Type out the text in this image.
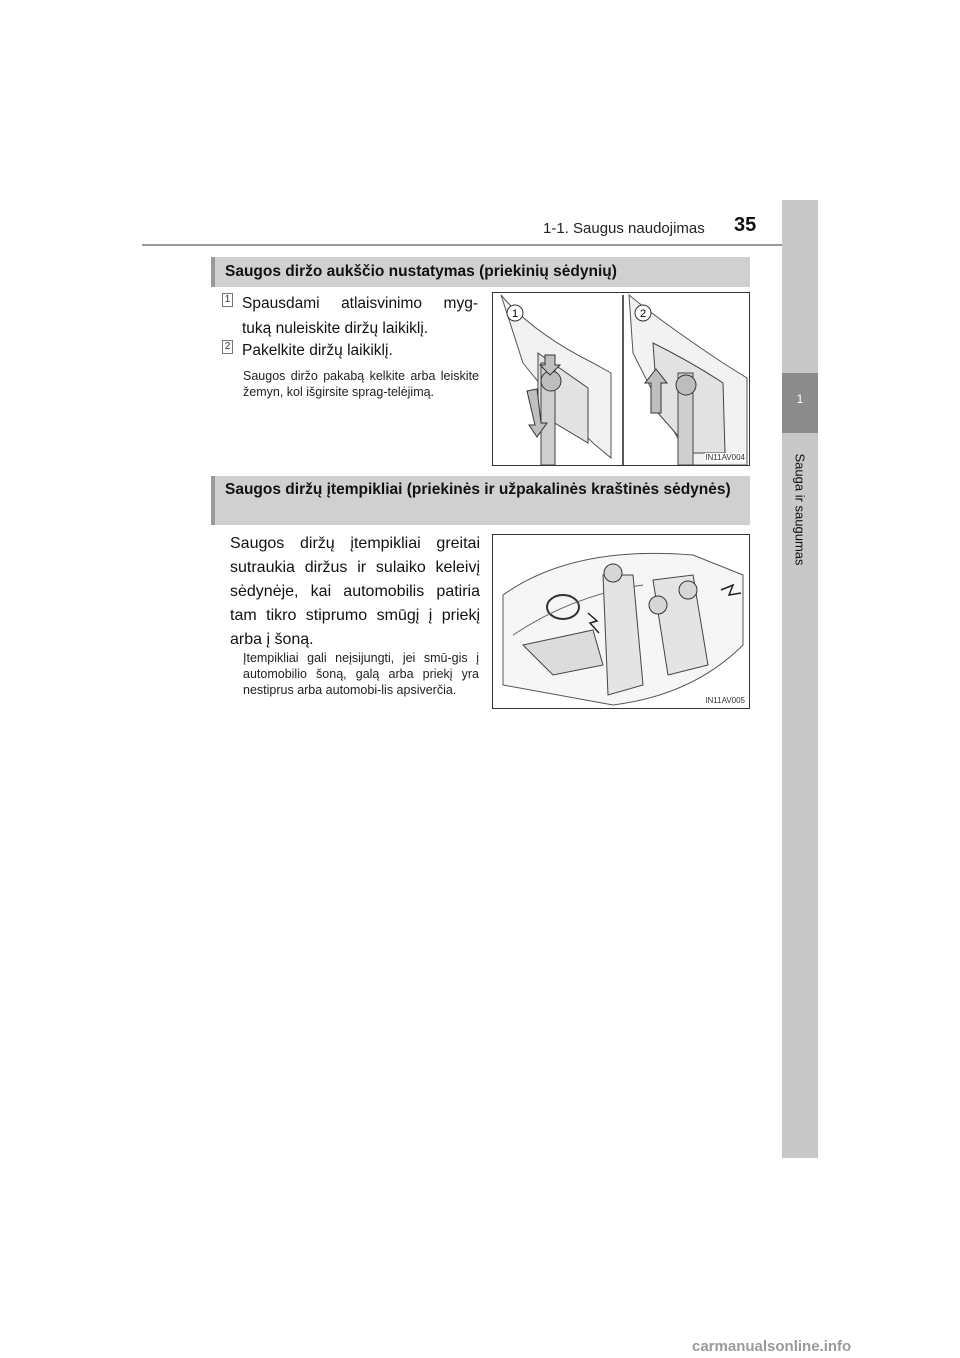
1-1. Saugus naudojimas 35
1
Sauga ir saugumas
Saugos diržo aukščio nustatymas (priekinių sėdynių)
1 Spausdami atlaisvinimo myg-
tuką nuleiskite diržų laikiklį.
2 Pakelkite diržų laikiklį.
Saugos diržo pakabą kelkite arba leiskite žemyn, kol išgirsite sprag-telėjimą.
1	2
IN11AV004
Saugos diržų įtempikliai (priekinės ir užpakalinės kraštinės sėdynės)
Saugos diržų įtempikliai greitai sutraukia diržus ir sulaiko keleivį sėdynėje, kai automobilis patiria tam tikro stiprumo smūgį į priekį arba į šoną.
Įtempikliai gali neįsijungti, jei smū-gis į automobilio šoną, galą arba priekį yra nestiprus arba automobi-lis apsiverčia.
IN11AV005
carmanualsonline.info
